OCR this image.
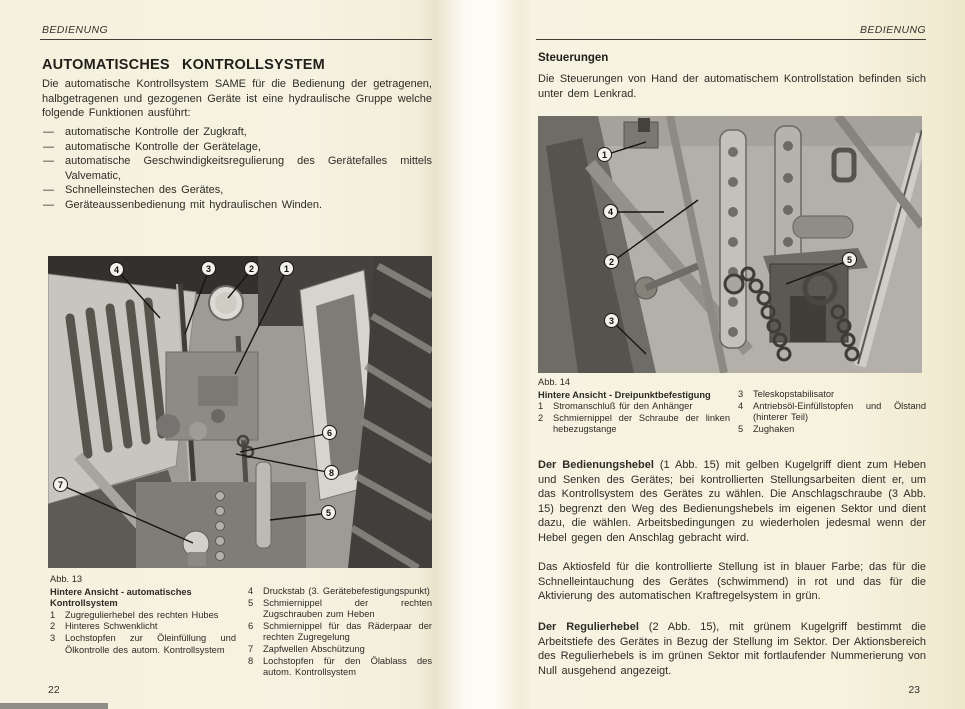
BEDIENUNG
AUTOMATISCHES KONTROLLSYSTEM
Die automatische Kontrollsystem SAME für die Bedienung der getragenen, halbgetragenen und gezogenen Geräte ist eine hydraulische Gruppe welche folgende Funktionen ausführt:
—	automatische Kontrolle der Zugkraft,
—	automatische Kontrolle der Gerätelage,
—	automatische Geschwindigkeitsregulierung des Gerätefalles mittels Valvematic,
—	Schnelleinstechen des Gerätes,
—	Geräteaussenbedienung mit hydraulischen Winden.
1
2
3
4
5
6
7
8
Abb. 13
Hintere Ansicht - automatisches Kontrollsystem
1	Zugregulierhebel des rechten Hubes
2	Hinteres Schwenklicht
3	Lochstopfen zur Öleinfüllung und Ölkontrolle des autom. Kontrollsystem
4	Druckstab (3. Gerätebefestigungspunkt)
5	Schmiernippel der rechten Zugschrauben zum Heben
6	Schmiernippel für das Räderpaar der rechten Zugregelung
7	Zapfwellen Abschützung
8	Lochstopfen für den Ölablass des autom. Kontrollsystem
22
BEDIENUNG
Steuerungen
Die Steuerungen von Hand der automatischem Kontrollstation befinden sich unter dem Lenkrad.
1
2
3
4
5
Abb. 14
Hintere Ansicht - Dreipunktbefestigung
1	Stromanschluß für den Anhänger
2	Schmiernippel der Schraube der linken hebezugstange
3	Teleskopstabilisator
4	Antriebsöl-Einfüllstopfen und Ölstand (hinterer Teil)
5	Zughaken
Der Bedienungshebel (1 Abb. 15) mit gelben Kugelgriff dient zum Heben und Senken des Gerätes; bei kontrollierten Stellungsarbeiten dient er, um das Kontrollsystem des Gerätes zu wählen. Die Anschlagschraube (3 Abb. 15) begrenzt den Weg des Bedienungshebels im eigenen Sektor und dient dazu, die wählen. Arbeitsbedingungen zu wiederholen jedesmal wenn der Hebel gegen den Anschlag gebracht wird.
Das Aktiosfeld für die kontrollierte Stellung ist in blauer Farbe; das für die Schnelleintauchung des Gerätes (schwimmend) in rot und das für die Aktivierung des automatischen Kraftregelsystem in grün.
Der Regulierhebel (2 Abb. 15), mit grünem Kugelgriff bestimmt die Arbeitstiefe des Gerätes in Bezug der Stellung im Sektor. Der Aktionsbereich des Regulierhebels is im grünen Sektor mit fortlaufender Nummerierung von Null ausgehend angezeigt.
23
